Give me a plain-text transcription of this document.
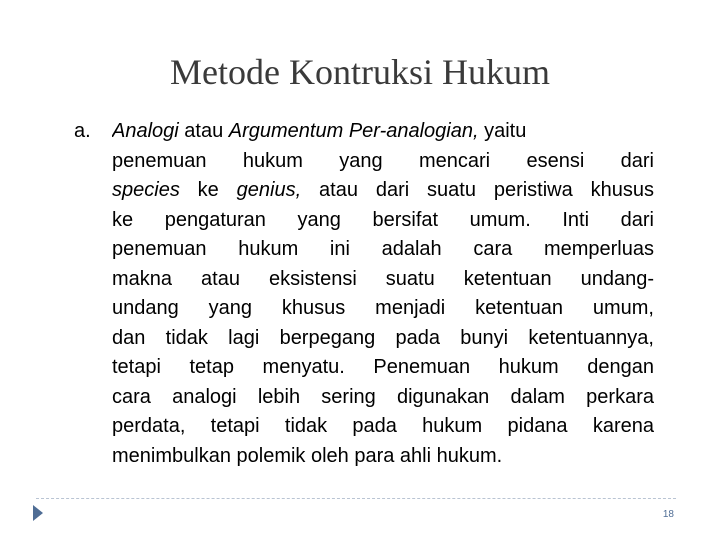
Metode Kontruksi Hukum
a.	Analogi atau Argumentum Per-analogian, yaitu
penemuan hukum yang mencari esensi dari
species ke genius, atau dari suatu peristiwa khusus
ke pengaturan yang bersifat umum. Inti dari
penemuan hukum ini adalah cara memperluas
makna atau eksistensi suatu ketentuan undang-
undang yang khusus menjadi ketentuan umum,
dan tidak lagi berpegang pada bunyi ketentuannya,
tetapi tetap menyatu. Penemuan hukum dengan
cara analogi lebih sering digunakan dalam perkara
perdata, tetapi tidak pada hukum pidana karena
menimbulkan polemik oleh para ahli hukum.
18
